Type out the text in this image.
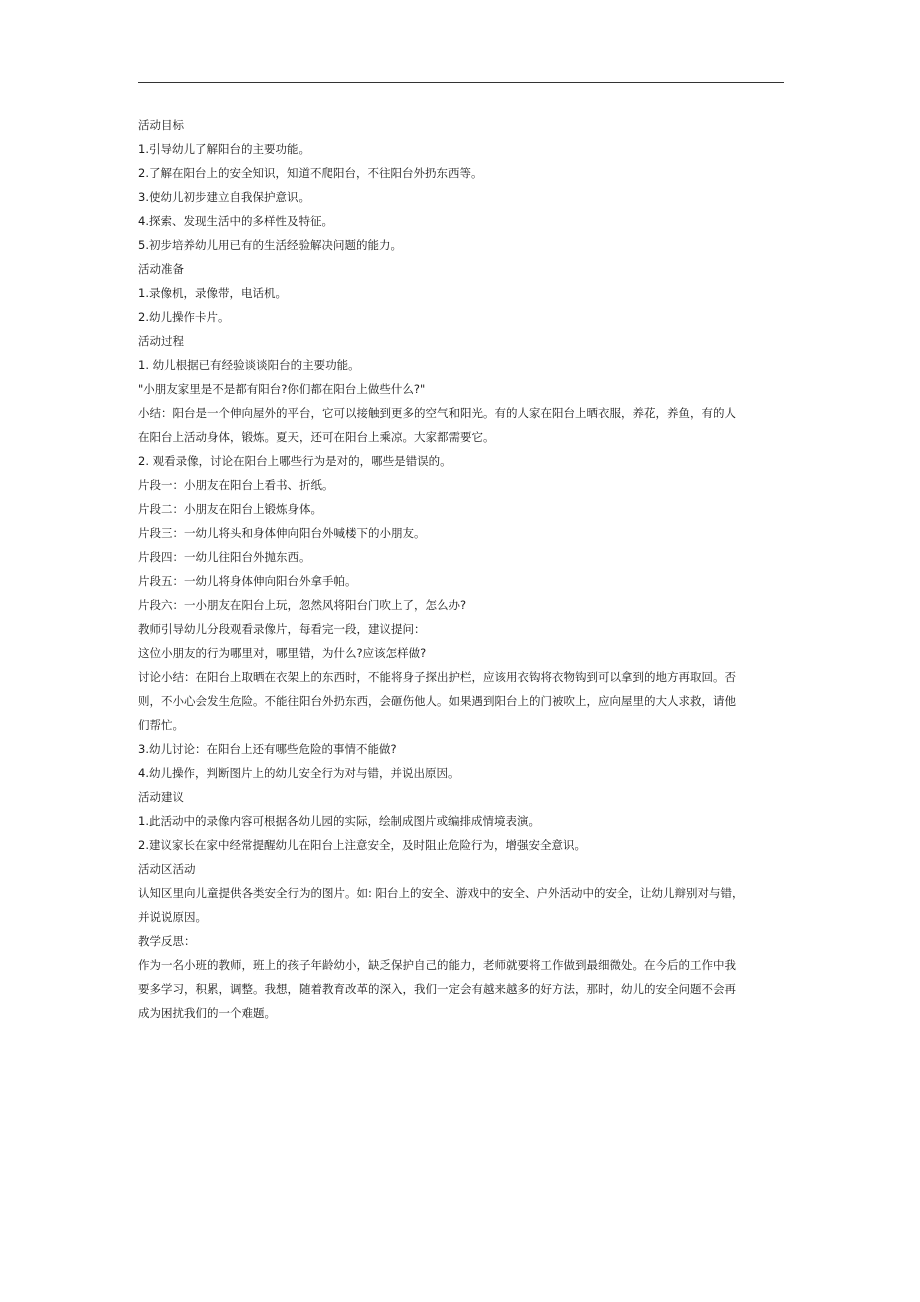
活动目标
1.引导幼儿了解阳台的主要功能。
2.了解在阳台上的安全知识，知道不爬阳台，不往阳台外扔东西等。
3.使幼儿初步建立自我保护意识。
4.探索、发现生活中的多样性及特征。
5.初步培养幼儿用已有的生活经验解决问题的能力。
活动准备
1.录像机，录像带，电话机。
2.幼儿操作卡片。
活动过程
1. 幼儿根据已有经验谈谈阳台的主要功能。
"小朋友家里是不是都有阳台?你们都在阳台上做些什么?"
小结：阳台是一个伸向屋外的平台，它可以接触到更多的空气和阳光。有的人家在阳台上晒衣服，养花，养鱼，有的人
在阳台上活动身体，锻炼。夏天，还可在阳台上乘凉。大家都需要它。
2. 观看录像，讨论在阳台上哪些行为是对的，哪些是错误的。
片段一：小朋友在阳台上看书、折纸。
片段二：小朋友在阳台上锻炼身体。
片段三：一幼儿将头和身体伸向阳台外喊楼下的小朋友。
片段四：一幼儿往阳台外抛东西。
片段五：一幼儿将身体伸向阳台外拿手帕。
片段六：一小朋友在阳台上玩，忽然风将阳台门吹上了，怎么办?
教师引导幼儿分段观看录像片，每看完一段，建议提问：
这位小朋友的行为哪里对，哪里错，为什么?应该怎样做?
讨论小结：在阳台上取晒在衣架上的东西时，不能将身子探出护栏，应该用衣钩将衣物钩到可以拿到的地方再取回。否
则，不小心会发生危险。不能往阳台外扔东西，会砸伤他人。如果遇到阳台上的门被吹上，应向屋里的大人求救，请他
们帮忙。
3.幼儿讨论：在阳台上还有哪些危险的事情不能做?
4.幼儿操作，判断图片上的幼儿安全行为对与错，并说出原因。
活动建议
1.此活动中的录像内容可根据各幼儿园的实际，绘制成图片或编排成情境表演。
2.建议家长在家中经常提醒幼儿在阳台上注意安全，及时阻止危险行为，增强安全意识。
活动区活动
认知区里向儿童提供各类安全行为的图片。如: 阳台上的安全、游戏中的安全、户外活动中的安全，让幼儿辩别对与错，
并说说原因。
教学反思：
作为一名小班的教师，班上的孩子年龄幼小，缺乏保护自己的能力，老师就要将工作做到最细微处。在今后的工作中我
要多学习，积累，调整。我想，随着教育改革的深入，我们一定会有越来越多的好方法，那时，幼儿的安全问题不会再
成为困扰我们的一个难题。
